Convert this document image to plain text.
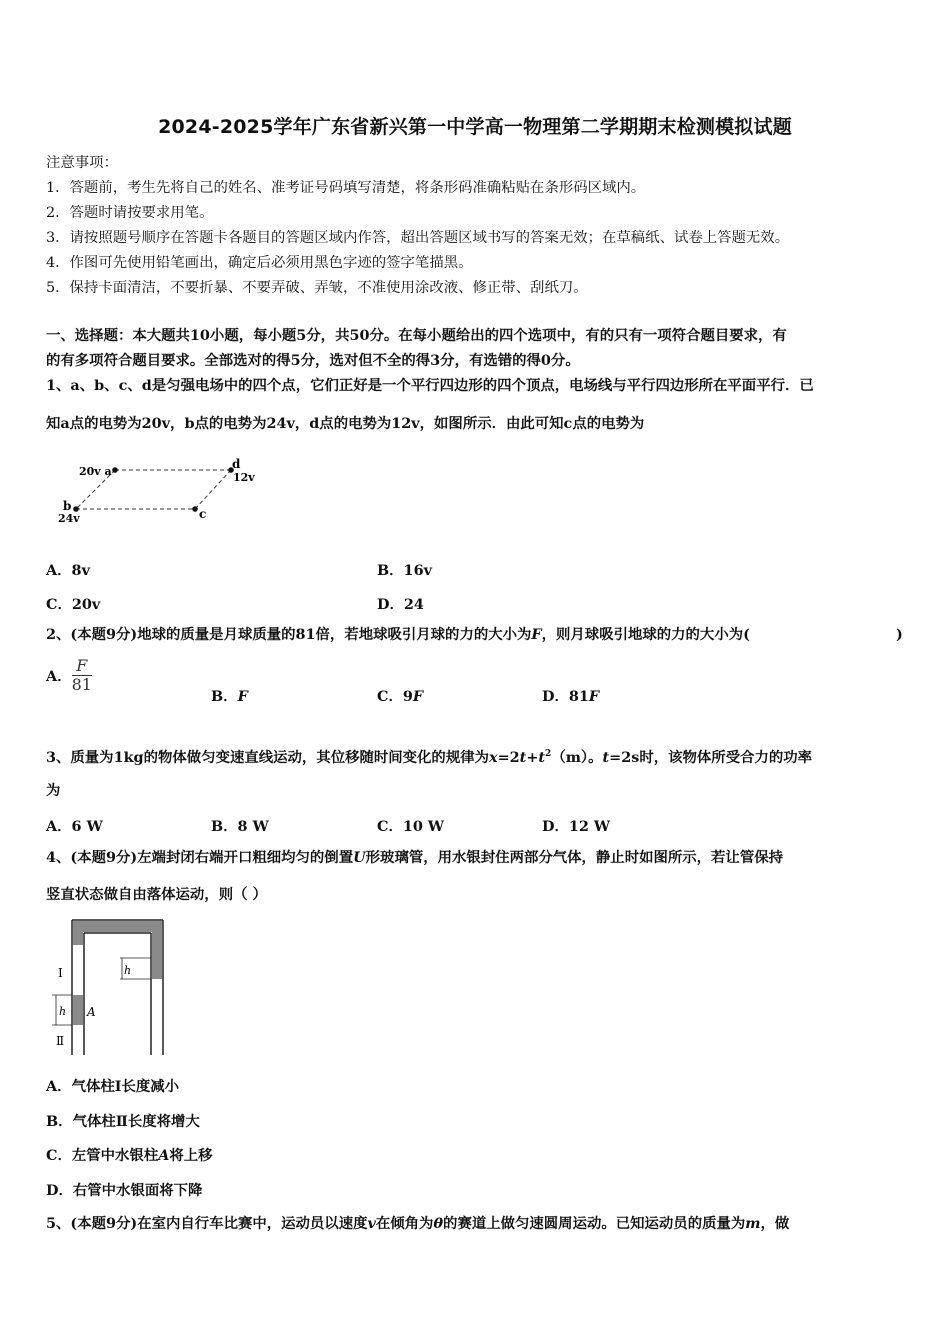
2024-2025学年广东省新兴第一中学高一物理第二学期期末检测模拟试题
注意事项：
1．答题前，考生先将自己的姓名、准考证号码填写清楚，将条形码准确粘贴在条形码区域内。
2．答题时请按要求用笔。
3．请按照题号顺序在答题卡各题目的答题区域内作答，超出答题区域书写的答案无效；在草稿纸、试卷上答题无效。
4．作图可先使用铅笔画出，确定后必须用黑色字迹的签字笔描黑。
5．保持卡面清洁，不要折暴、不要弄破、弄皱，不准使用涂改液、修正带、刮纸刀。
一、选择题：本大题共10小题，每小题5分，共50分。在每小题给出的四个选项中，有的只有一项符合题目要求，有
的有多项符合题目要求。全部选对的得5分，选对但不全的得3分，有选错的得0分。
1、a、b、c、d是匀强电场中的四个点，它们正好是一个平行四边形的四个顶点，电场线与平行四边形所在平面平行．已
知a点的电势为20v，b点的电势为24v，d点的电势为12v，如图所示．由此可知c点的电势为
20v a
d
12v
b
24v	c
A．8v	B．16v
C．20v	D．24
2、(本题9分)地球的质量是月球质量的81倍，若地球吸引月球的力的大小为F，则月球吸引地球的力的大小为(	)
A． $\frac{F}{81}$
B．F	C．9F	D．81F
3、质量为1kg的物体做匀变速直线运动，其位移随时间变化的规律为$x=2t+t^2(m)$。t=2s时，该物体所受合力的功率
为
A．6 W	B．8 W	C．10 W	D．12 W
4、(本题9分)左端封闭右端开口粗细均匀的倒置U形玻璃管，用水银封住两部分气体，静止时如图所示，若让管保持
竖直状态做自由落体运动，则（ ）
h
h
Ⅰ
Ⅱ
A
A．气体柱Ⅰ长度减小
B．气体柱Ⅱ长度将增大
C．左管中水银柱A将上移
D．右管中水银面将下降
5、(本题9分)在室内自行车比赛中，运动员以速度v在倾角为θ的赛道上做匀速圆周运动。已知运动员的质量为m，做
